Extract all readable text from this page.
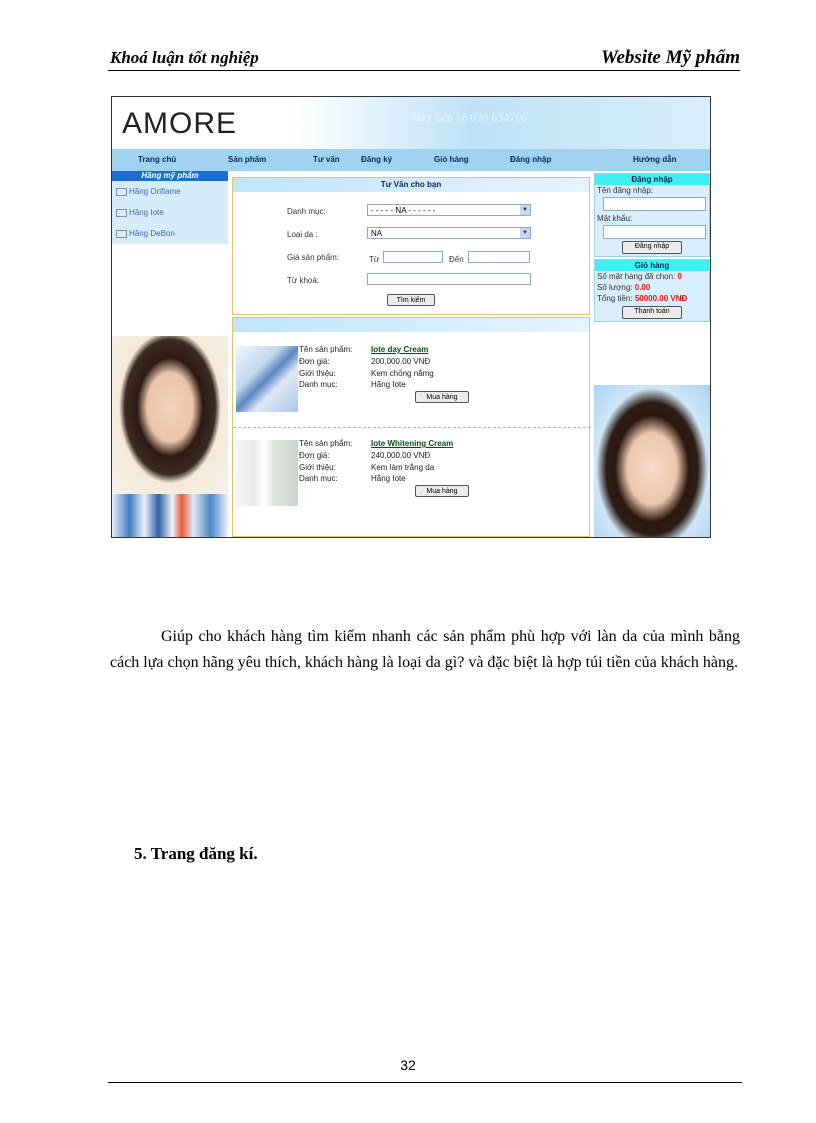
Khoá luận tốt nghiệp	Website Mỹ phẩm
AMORE	Hãy liên hệ 038 834706
Trang chủ	Sản phẩm	Tư vấn	Đăng ký	Giỏ hàng	Đăng nhập	Hướng dẫn
Hãng mỹ phẩm
Hãng Oriflame
Hãng Iote
Hãng DeBon
Tư Vấn cho bạn
Danh mục:	- - - - - NA - - - - - -	▼
Loại da :	NA	▼
Giá sản phẩm:	Từ	Đến
Từ khoá:
Tìm kiếm
Tên sản phẩm: Iote day Cream
Đơn giá:	200,000.00 VNĐ
Giới thiệu:	Kem chống nắmg
Danh mục:	Hãng Iote
Mua hàng
Tên sản phẩm: Iote Whitening Cream
Đơn giá:	240,000.00 VNĐ
Giới thiệu:	Kem làm trắng da
Danh mục:	Hãng Iote
Mua hàng
Đăng nhập
Tên đăng nhập:
Mật khẩu:
Đăng nhập
Giỏ hàng
Số mặt hàng đã chọn: 0
Số lượng: 0.00
Tổng tiền: 50000.00 VNĐ
Thanh toán
Giúp cho khách hàng tìm kiếm nhanh các sản phẩm phù hợp với làn da của mình bằng cách lựa chọn hãng yêu thích, khách hàng là loại da gì? và đặc biệt là hợp túi tiền của khách hàng.
5. Trang đăng kí.
32
